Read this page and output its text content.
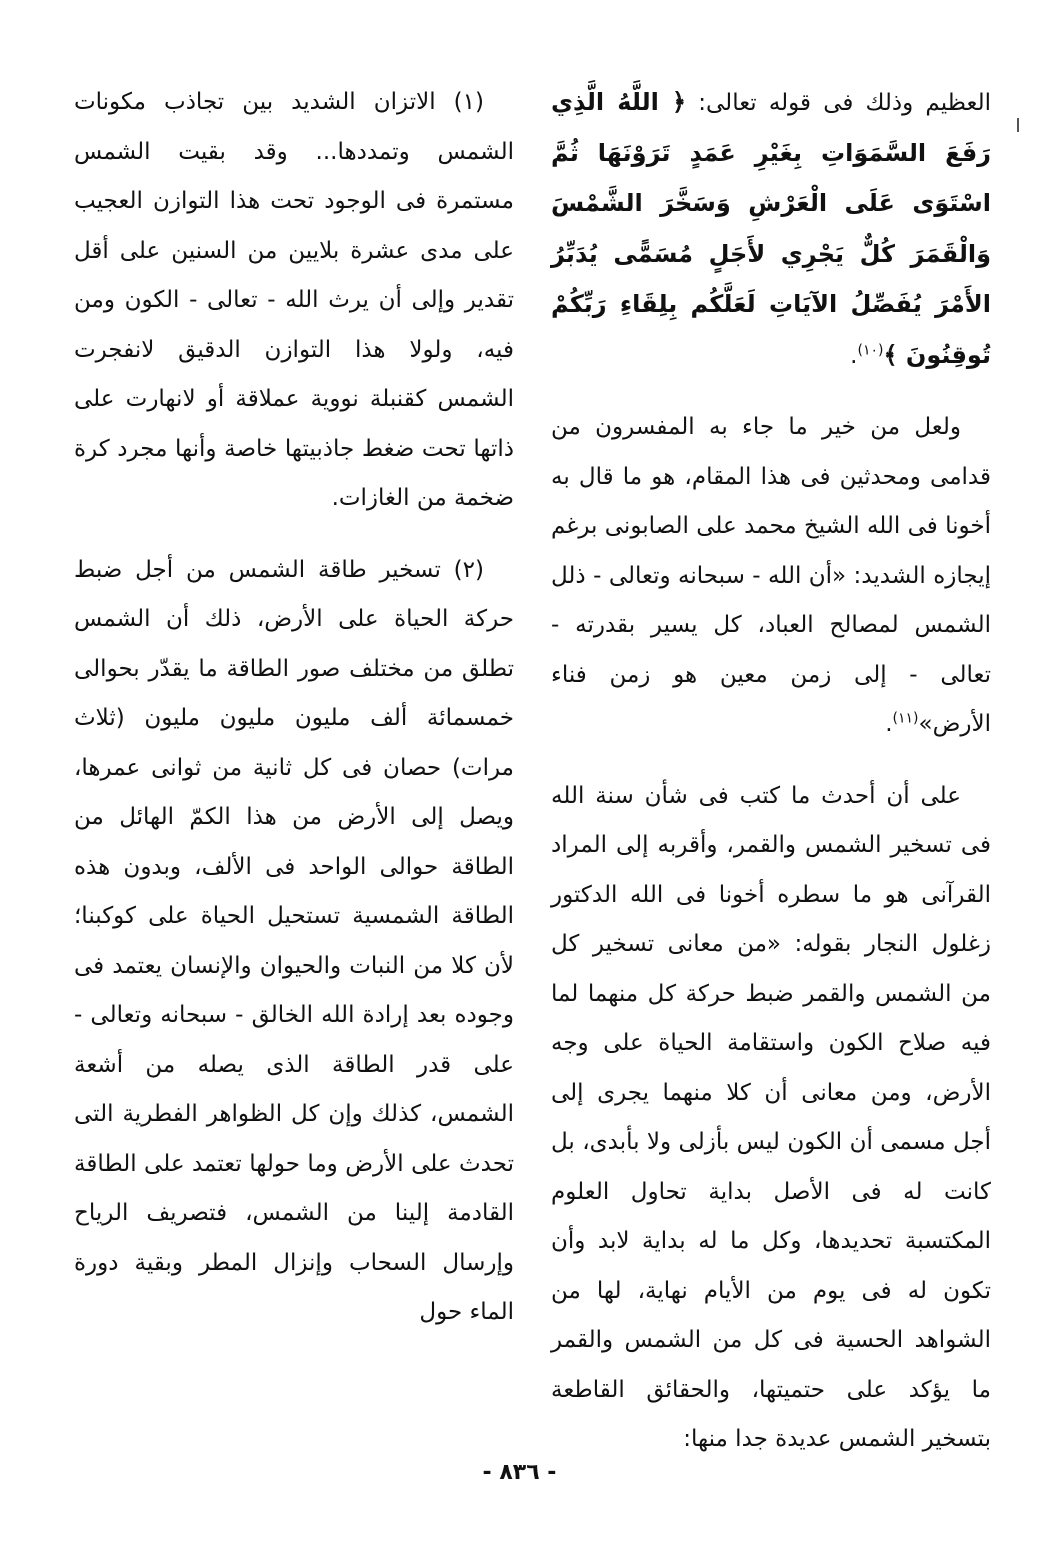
العظيم وذلك فى قوله تعالى: ﴿ اللَّهُ الَّذِي رَفَعَ السَّمَوَاتِ بِغَيْرِ عَمَدٍ تَرَوْنَهَا ثُمَّ اسْتَوَى عَلَى الْعَرْشِ وَسَخَّرَ الشَّمْسَ وَالْقَمَرَ كُلٌّ يَجْرِي لأَجَلٍ مُسَمًّى يُدَبِّرُ الأَمْرَ يُفَصِّلُ الآيَاتِ لَعَلَّكُم بِلِقَاءِ رَبِّكُمْ تُوقِنُونَ ﴾$^{(١٠)}$.

ولعل من خير ما جاء به المفسرون من قدامى ومحدثين فى هذا المقام، هو ما قال به أخونا فى الله الشيخ محمد على الصابونى برغم إيجازه الشديد: «أن الله - سبحانه وتعالى - ذلل الشمس لمصالح العباد، كل يسير بقدرته - تعالى - إلى زمن معين هو زمن فناء الأرض»$^{(١١)}$.

على أن أحدث ما كتب فى شأن سنة الله فى تسخير الشمس والقمر، وأقربه إلى المراد القرآنى هو ما سطره أخونا فى الله الدكتور زغلول النجار بقوله: «من معانى تسخير كل من الشمس والقمر ضبط حركة كل منهما لما فيه صلاح الكون واستقامة الحياة على وجه الأرض، ومن معانى أن كلا منهما يجرى إلى أجل مسمى أن الكون ليس بأزلى ولا بأبدى، بل كانت له فى الأصل بداية تحاول العلوم المكتسبة تحديدها، وكل ما له بداية لابد وأن تكون له فى يوم من الأيام نهاية، لها من الشواهد الحسية فى كل من الشمس والقمر ما يؤكد على حتميتها، والحقائق القاطعة بتسخير الشمس عديدة جدا منها:

(١) الاتزان الشديد بين تجاذب مكونات الشمس وتمددها... وقد بقيت الشمس مستمرة فى الوجود تحت هذا التوازن العجيب على مدى عشرة بلايين من السنين على أقل تقدير وإلى أن يرث الله - تعالى - الكون ومن فيه، ولولا هذا التوازن الدقيق لانفجرت الشمس كقنبلة نووية عملاقة أو لانهارت على ذاتها تحت ضغط جاذبيتها خاصة وأنها مجرد كرة ضخمة من الغازات.

(٢) تسخير طاقة الشمس من أجل ضبط حركة الحياة على الأرض، ذلك أن الشمس تطلق من مختلف صور الطاقة ما يقدّر بحوالى خمسمائة ألف مليون مليون مليون (ثلاث مرات) حصان فى كل ثانية من ثوانى عمرها، ويصل إلى الأرض من هذا الكمّ الهائل من الطاقة حوالى الواحد فى الألف، وبدون هذه الطاقة الشمسية تستحيل الحياة على كوكبنا؛ لأن كلا من النبات والحيوان والإنسان يعتمد فى وجوده بعد إرادة الله الخالق - سبحانه وتعالى - على قدر الطاقة الذى يصله من أشعة الشمس، كذلك وإن كل الظواهر الفطرية التى تحدث على الأرض وما حولها تعتمد على الطاقة القادمة إلينا من الشمس، فتصريف الرياح وإرسال السحاب وإنزال المطر وبقية دورة الماء حول

- ٨٣٦ -
